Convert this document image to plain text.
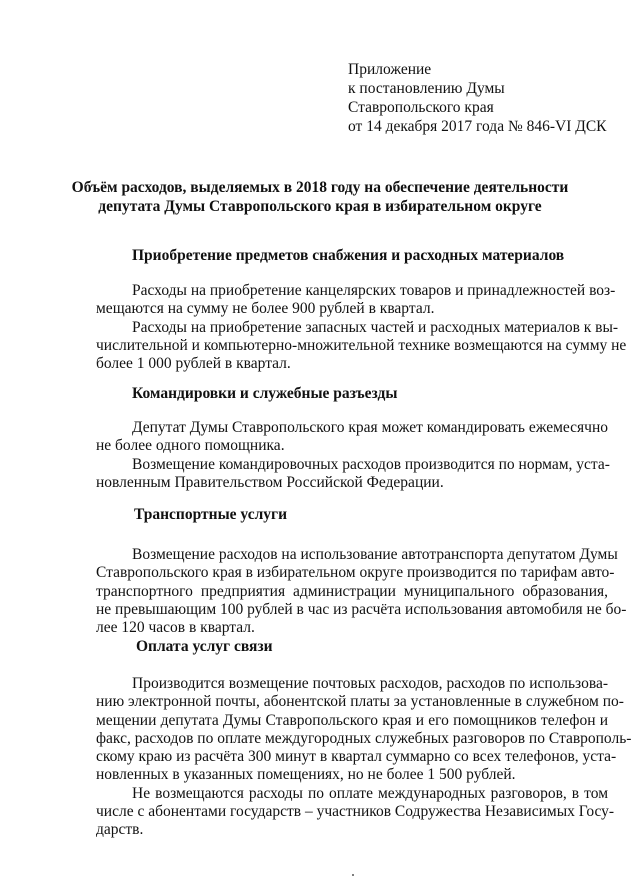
Приложение
к постановлению Думы
Ставропольского края
от 14 декабря 2017 года № 846-VI ДСК
Объём расходов, выделяемых в 2018 году на обеспечение деятельности
депутата Думы Ставропольского края в избирательном округе
Приобретение предметов снабжения и расходных материалов
Расходы на приобретение канцелярских товаров и принадлежностей воз-
мещаются на сумму не более 900 рублей в квартал.
Расходы на приобретение запасных частей и расходных материалов к вы-
числительной и компьютерно-множительной технике возмещаются на сумму не
более 1 000 рублей в квартал.
Командировки и служебные разъезды
Депутат Думы Ставропольского края может командировать ежемесячно
не более одного помощника.
Возмещение командировочных расходов производится по нормам, уста-
новленным Правительством Российской Федерации.
Транспортные услуги
Возмещение расходов на использование автотранспорта депутатом Думы
Ставропольского края в избирательном округе производится по тарифам авто-
транспортного предприятия администрации муниципального образования,
не превышающим 100 рублей в час из расчёта использования автомобиля не бо-
лее 120 часов в квартал.
Оплата услуг связи
Производится возмещение почтовых расходов, расходов по использова-
нию электронной почты, абонентской платы за установленные в служебном по-
мещении депутата Думы Ставропольского края и его помощников телефон и
факс, расходов по оплате междугородных служебных разговоров по Ставрополь-
скому краю из расчёта 300 минут в квартал суммарно со всех телефонов, уста-
новленных в указанных помещениях, но не более 1 500 рублей.
Не возмещаются расходы по оплате международных разговоров, в том
числе с абонентами государств – участников Содружества Независимых Госу-
дарств.
